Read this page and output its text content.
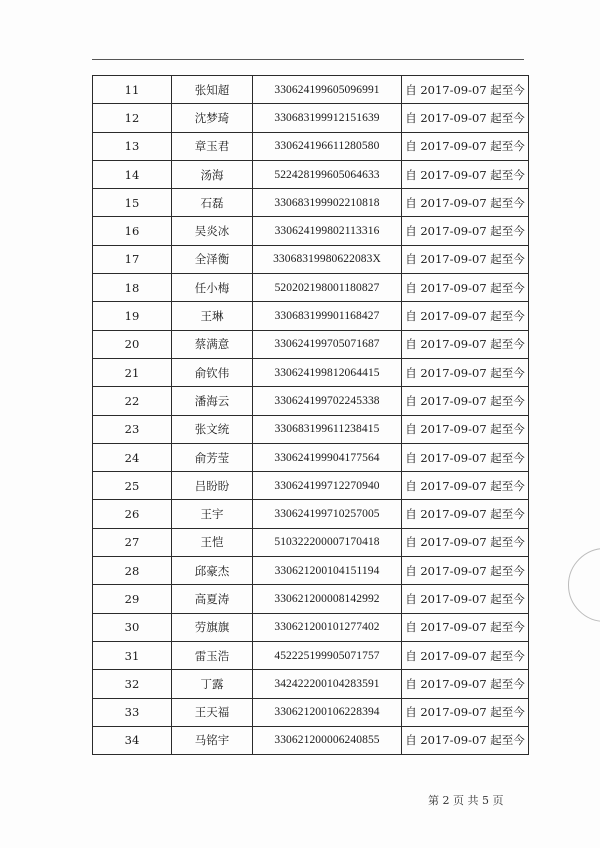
11	张知超	330624199605096991	自 2017-09-07 起至今
12	沈梦琦	330683199912151639	自 2017-09-07 起至今
13	章玉君	330624196611280580	自 2017-09-07 起至今
14	汤海	522428199605064633	自 2017-09-07 起至今
15	石磊	330683199902210818	自 2017-09-07 起至今
16	吴炎冰	330624199802113316	自 2017-09-07 起至今
17	全泽衡	33068319980622083X	自 2017-09-07 起至今
18	任小梅	520202198001180827	自 2017-09-07 起至今
19	王琳	330683199901168427	自 2017-09-07 起至今
20	蔡满意	330624199705071687	自 2017-09-07 起至今
21	俞钦伟	330624199812064415	自 2017-09-07 起至今
22	潘海云	330624199702245338	自 2017-09-07 起至今
23	张文统	330683199611238415	自 2017-09-07 起至今
24	俞芳莹	330624199904177564	自 2017-09-07 起至今
25	吕盼盼	330624199712270940	自 2017-09-07 起至今
26	王宇	330624199710257005	自 2017-09-07 起至今
27	王恺	510322200007170418	自 2017-09-07 起至今
28	邱豪杰	330621200104151194	自 2017-09-07 起至今
29	高夏涛	330621200008142992	自 2017-09-07 起至今
30	劳旗旗	330621200101277402	自 2017-09-07 起至今
31	雷玉浩	452225199905071757	自 2017-09-07 起至今
32	丁露	342422200104283591	自 2017-09-07 起至今
33	王天福	330621200106228394	自 2017-09-07 起至今
34	马铭宇	330621200006240855	自 2017-09-07 起至今
第 2 页 共 5 页
